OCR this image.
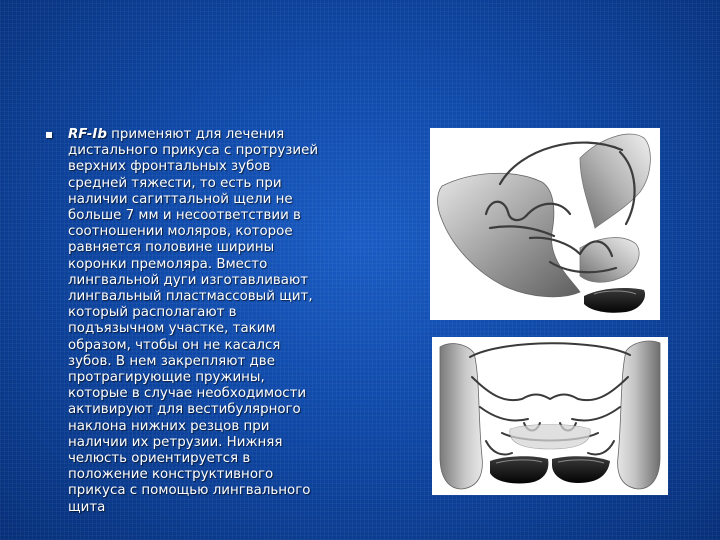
RF-Ib применяют для лечения
дистального прикуса с протрузией
верхних фронтальных зубов
средней тяжести, то есть при
наличии сагиттальной щели не
больше 7 мм и несоответствии в
соотношении моляров, которое
равняется половине ширины
коронки премоляра. Вместо
лингвальной дуги изготавливают
лингвальный пластмассовый щит,
который располагают в
подъязычном участке, таким
образом, чтобы он не касался
зубов. В нем закрепляют две
протрагирующие пружины,
которые в случае необходимости
активируют для вестибулярного
наклона нижних резцов при
наличии их ретрузии. Нижняя
челюсть ориентируется в
положение конструктивного
прикуса с помощью лингвального
щита
